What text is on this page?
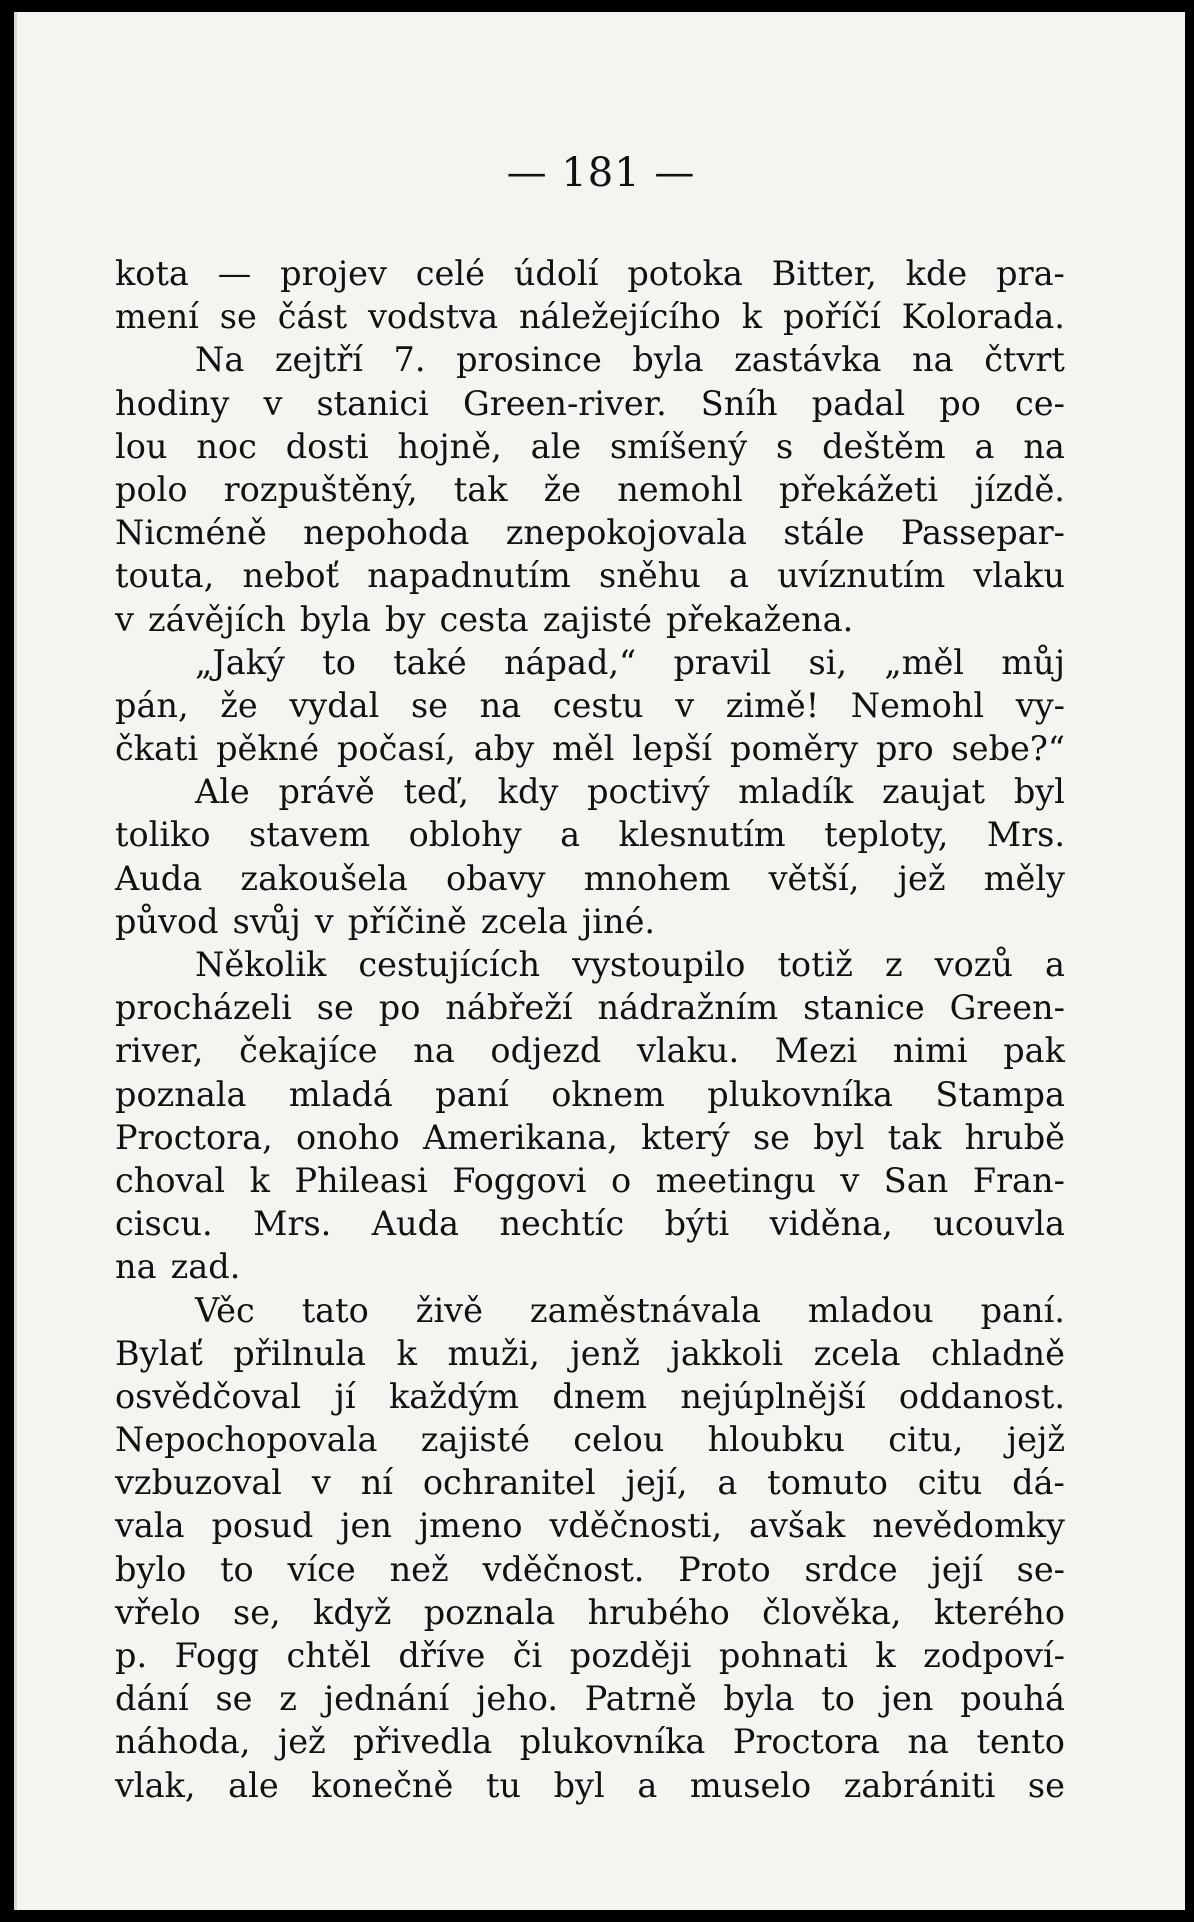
— 181 —
kota — projev celé údolí potoka Bitter, kde pra-
mení se část vodstva náležejícího k poříčí Kolorada.
Na zejtří 7. prosince byla zastávka na čtvrt
hodiny v stanici Green-river. Sníh padal po ce-
lou noc dosti hojně, ale smíšený s deštěm a na
polo rozpuštěný, tak že nemohl překážeti jízdě.
Nicméně nepohoda znepokojovala stále Passepar-
touta, neboť napadnutím sněhu a uvíznutím vlaku
v závějích byla by cesta zajisté překažena.
„Jaký to také nápad,“ pravil si, „měl můj
pán, že vydal se na cestu v zimě! Nemohl vy-
čkati pěkné počasí, aby měl lepší poměry pro sebe?“
Ale právě teď, kdy poctivý mladík zaujat byl
toliko stavem oblohy a klesnutím teploty, Mrs.
Auda zakoušela obavy mnohem větší, jež měly
původ svůj v příčině zcela jiné.
Několik cestujících vystoupilo totiž z vozů a
procházeli se po nábřeží nádražním stanice Green-
river, čekajíce na odjezd vlaku. Mezi nimi pak
poznala mladá paní oknem plukovníka Stampa
Proctora, onoho Amerikana, který se byl tak hrubě
choval k Phileasi Foggovi o meetingu v San Fran-
ciscu. Mrs. Auda nechtíc býti viděna, ucouvla
na zad.
Věc tato živě zaměstnávala mladou paní.
Bylať přilnula k muži, jenž jakkoli zcela chladně
osvědčoval jí každým dnem nejúplnější oddanost.
Nepochopovala zajisté celou hloubku citu, jejž
vzbuzoval v ní ochranitel její, a tomuto citu dá-
vala posud jen jmeno vděčnosti, avšak nevědomky
bylo to více než vděčnost. Proto srdce její se-
vřelo se, když poznala hrubého člověka, kterého
p. Fogg chtěl dříve či později pohnati k zodpoví-
dání se z jednání jeho. Patrně byla to jen pouhá
náhoda, jež přivedla plukovníka Proctora na tento
vlak, ale konečně tu byl a muselo zabrániti se
